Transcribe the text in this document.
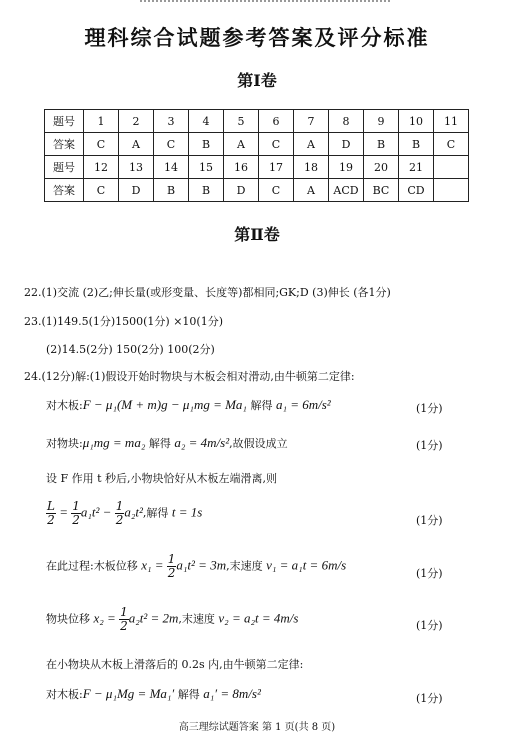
理科综合试题参考答案及评分标准
第Ⅰ卷
题号	1	2	3	4	5	6	7	8	9	10	11
答案	C	A	C	B	A	C	A	D	B	B	C
题号	12	13	14	15	16	17	18	19	20	21	
答案	C	D	B	B	D	C	A	ACD	BC	CD	
第Ⅱ卷
22.(1)交流 (2)乙;伸长量(或形变量、长度等)都相同;GK;D (3)伸长 (各1分)
23.(1)149.5(1分)1500(1分) ×10(1分)
(2)14.5(2分) 150(2分) 100(2分)
24.(12分)解:(1)假设开始时物块与木板会相对滑动,由牛顿第二定律:
对木板:F − μ₁(M + m)g − μ₁mg = Ma₁ 解得 a₁ = 6m/s²	(1分)
对物块:μ₁mg = ma₂ 解得 a₂ = 4m/s²,故假设成立	(1分)
设 F 作用 t 秒后,小物块恰好从木板左端滑离,则
$\frac{L}{2} = \frac{1}{2} a_1t^2 - \frac{1}{2} a_2t^2$,解得 t = 1s
(1分)
在此过程:木板位移 $x_1 = \frac{1}{2} a_1t^2 = 3m$,末速度 v₁ = a₁t = 6m/s
(1分)
物块位移 $x_2 = \frac{1}{2} a_2t^2 = 2m$,末速度 v₂ = a₂t = 4m/s	(1分)
在小物块从木板上滑落后的 0.2s 内,由牛顿第二定律:
对木板:F − μ₁Mg = Ma₁′ 解得 a₁′ = 8m/s²	(1分)
高三理综试题答案 第 1 页(共 8 页)
